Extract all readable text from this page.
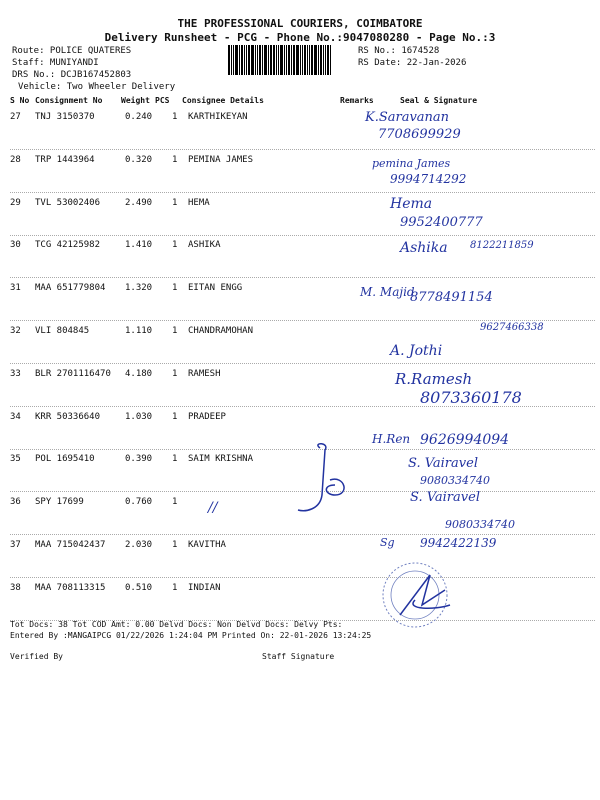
THE PROFESSIONAL COURIERS, COIMBATORE
Delivery Runsheet - PCG - Phone No.:9047080280 - Page No.:3
Route: POLICE QUATERES
Staff: MUNIYANDI
DRS No.: DCJB167452803
Vehicle: Two Wheeler Delivery
RS No.: 1674528
RS Date: 22-Jan-2026
S No Consignment No Weight PCS Consignee Details	Remarks	Seal & Signature
27 TNJ 3150370	0.240 1 KARTHIKEYAN
28 TRP 1443964	0.320 1 PEMINA JAMES
29 TVL 53002406	2.490 1 HEMA
30 TCG 42125982	1.410 1 ASHIKA
31 MAA 651779804 1.320 1 EITAN ENGG
32 VLI 804845	1.110 1 CHANDRAMOHAN
33 BLR 2701116470 4.180 1 RAMESH
34 KRR 50336640	1.030 1 PRADEEP
35 POL 1695410	0.390 1 SAIM KRISHNA
36 SPY 17699	0.760 1
37 MAA 715042437 2.030 1 KAVITHA
38 MAA 708113315 0.510 1 INDIAN
S. Vairavel
9080334740
//
Tot Docs: 38 Tot COD Amt: 0.00 Delvd Docs: Non Delvd Docs: Delvy Pts:
Entered By :MANGAIPCG 01/22/2026 1:24:04 PM Printed On: 22-01-2026 13:24:25
Verified By	Staff Signature
K.Saravanan
7708699929
pemina James
9994714292
Hema
9952400777
Ashika 8122211859
M. Majid
8778491154
A. Jothi
9627466338
R.Ramesh
8073360178
H.Ren 9626994094
S. Vairavel
9080334740
Sg 9942422139
